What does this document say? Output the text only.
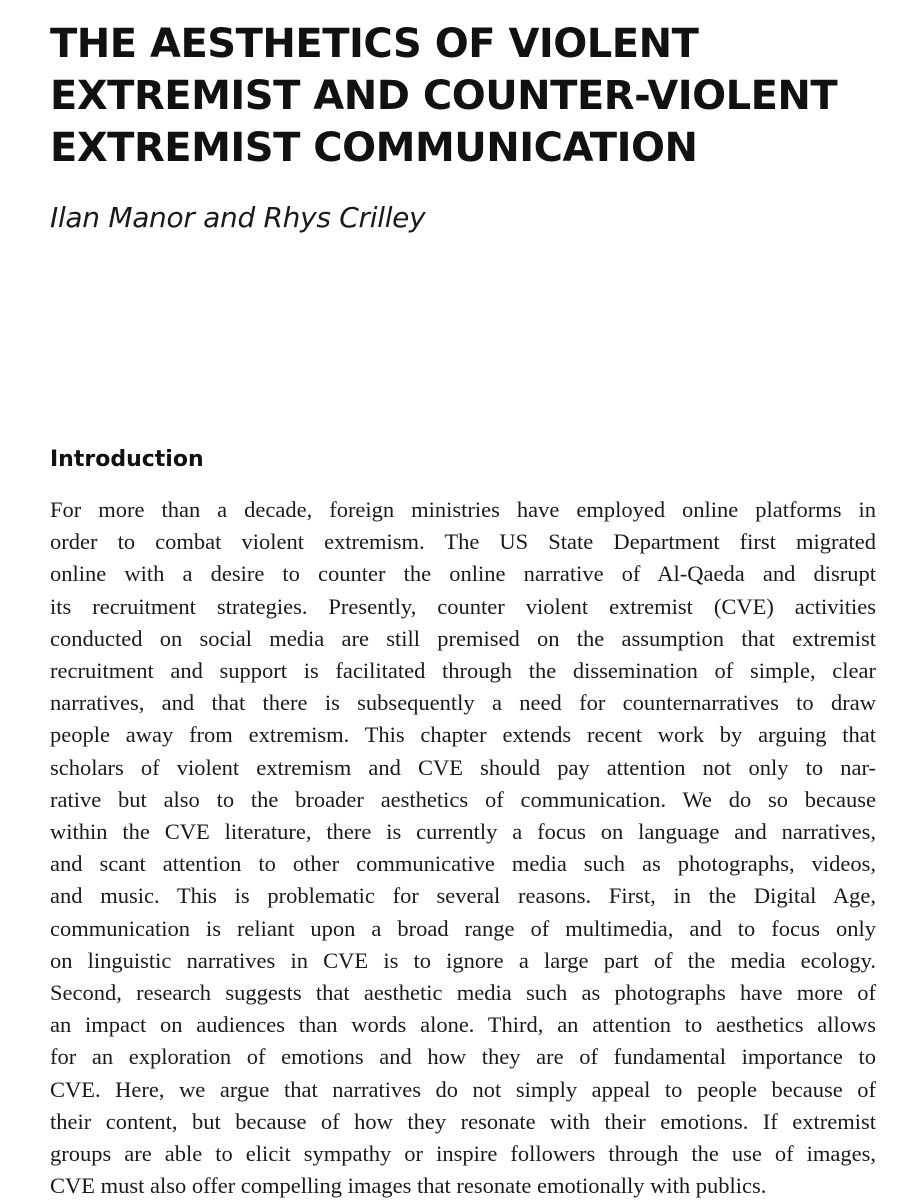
THE AESTHETICS OF VIOLENT
EXTREMIST AND COUNTER-VIOLENT
EXTREMIST COMMUNICATION

Ilan Manor and Rhys Crilley

Introduction
For more than a decade, foreign ministries have employed online platforms in
order to combat violent extremism. The US State Department first migrated
online with a desire to counter the online narrative of Al-Qaeda and disrupt
its recruitment strategies. Presently, counter violent extremist (CVE) activities
conducted on social media are still premised on the assumption that extremist
recruitment and support is facilitated through the dissemination of simple, clear
narratives, and that there is subsequently a need for counternarratives to draw
people away from extremism. This chapter extends recent work by arguing that
scholars of violent extremism and CVE should pay attention not only to nar-
rative but also to the broader aesthetics of communication. We do so because
within the CVE literature, there is currently a focus on language and narratives,
and scant attention to other communicative media such as photographs, videos,
and music. This is problematic for several reasons. First, in the Digital Age,
communication is reliant upon a broad range of multimedia, and to focus only
on linguistic narratives in CVE is to ignore a large part of the media ecology.
Second, research suggests that aesthetic media such as photographs have more of
an impact on audiences than words alone. Third, an attention to aesthetics allows
for an exploration of emotions and how they are of fundamental importance to
CVE. Here, we argue that narratives do not simply appeal to people because of
their content, but because of how they resonate with their emotions. If extremist
groups are able to elicit sympathy or inspire followers through the use of images,
CVE must also offer compelling images that resonate emotionally with publics.
